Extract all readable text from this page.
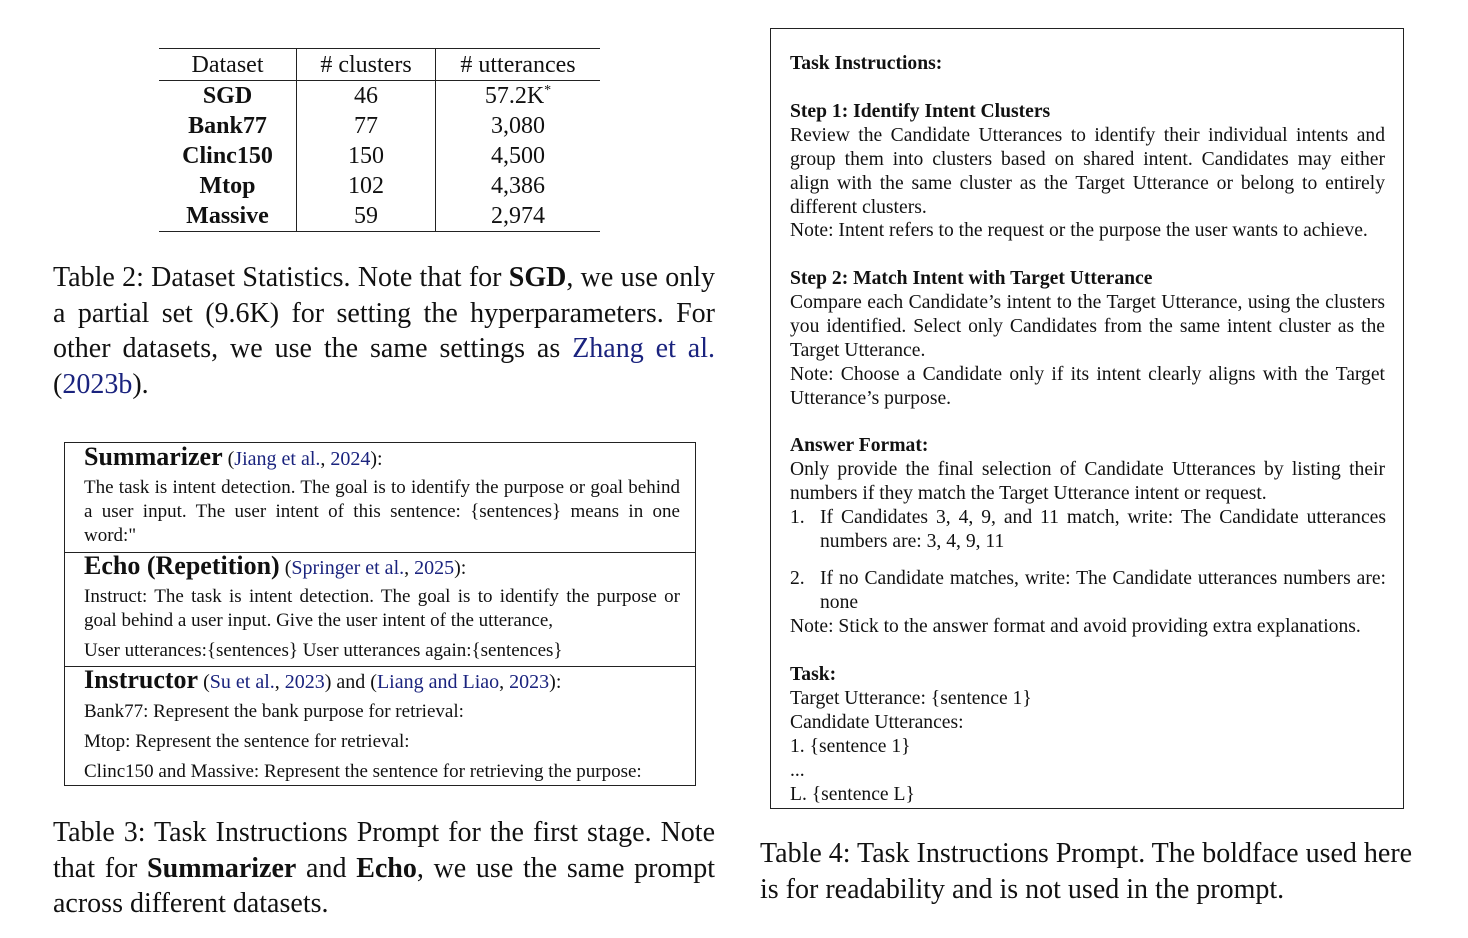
Dataset	# clusters	# utterances
SGD	46	57.2K*
Bank77	77	3,080
Clinc150	150	4,500
Mtop	102	4,386
Massive	59	2,974
Table 2: Dataset Statistics. Note that for SGD, we use only a partial set (9.6K) for setting the hyperparameters. For other datasets, we use the same settings as Zhang et al. (2023b).
Summarizer (Jiang et al., 2024):
The task is intent detection. The goal is to identify the purpose or goal behind a user input. The user intent of this sentence: {sentences} means in one word:"
Echo (Repetition) (Springer et al., 2025):
Instruct: The task is intent detection. The goal is to identify the purpose or goal behind a user input. Give the user intent of the utterance,
User utterances:{sentences} User utterances again:{sentences}
Instructor (Su et al., 2023) and (Liang and Liao, 2023):
Bank77: Represent the bank purpose for retrieval:
Mtop: Represent the sentence for retrieval:
Clinc150 and Massive: Represent the sentence for retrieving the purpose:
Table 3: Task Instructions Prompt for the first stage. Note that for Summarizer and Echo, we use the same prompt across different datasets.
Task Instructions:
Step 1: Identify Intent Clusters
Review the Candidate Utterances to identify their individual intents and group them into clusters based on shared intent. Candidates may either align with the same cluster as the Target Utterance or belong to entirely different clusters.
Note: Intent refers to the request or the purpose the user wants to achieve.
Step 2: Match Intent with Target Utterance
Compare each Candidate’s intent to the Target Utterance, using the clusters you identified. Select only Candidates from the same intent cluster as the Target Utterance.
Note: Choose a Candidate only if its intent clearly aligns with the Target Utterance’s purpose.
Answer Format:
Only provide the final selection of Candidate Utterances by listing their numbers if they match the Target Utterance intent or request.
1. If Candidates 3, 4, 9, and 11 match, write: The Candidate utterances numbers are: 3, 4, 9, 11
2. If no Candidate matches, write: The Candidate utterances numbers are: none
Note: Stick to the answer format and avoid providing extra explanations.
Task:
Target Utterance: {sentence 1}
Candidate Utterances:
1. {sentence 1}
...
L. {sentence L}
Table 4: Task Instructions Prompt. The boldface used here is for readability and is not used in the prompt.
